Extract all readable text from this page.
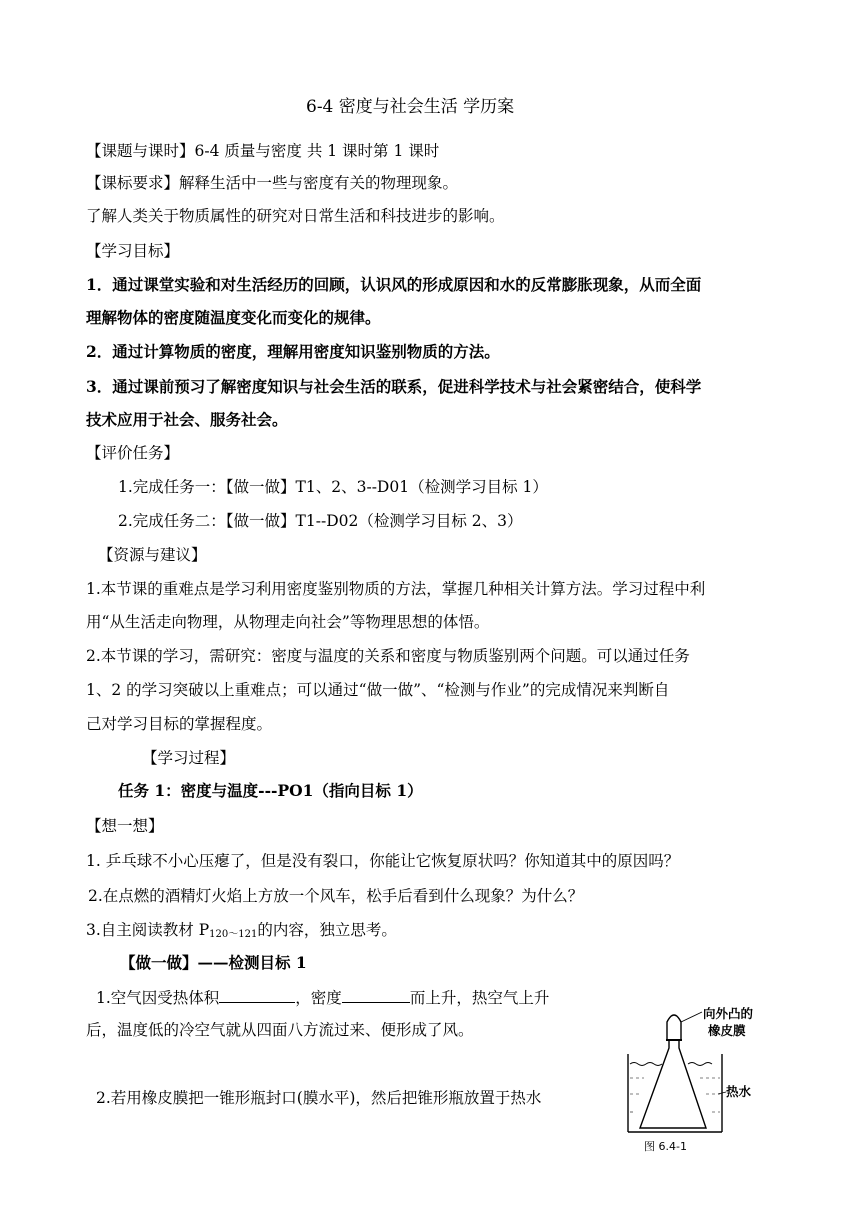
6-4 密度与社会生活 学历案
【课题与课时】6-4 质量与密度 共 1 课时第 1 课时
【课标要求】解释生活中一些与密度有关的物理现象。
了解人类关于物质属性的研究对日常生活和科技进步的影响。
【学习目标】
1．通过课堂实验和对生活经历的回顾，认识风的形成原因和水的反常膨胀现象，从而全面
理解物体的密度随温度变化而变化的规律。
2．通过计算物质的密度，理解用密度知识鉴别物质的方法。
3．通过课前预习了解密度知识与社会生活的联系，促进科学技术与社会紧密结合，使科学
技术应用于社会、服务社会。
【评价任务】
1.完成任务一：【做一做】T1、2、3--D01（检测学习目标 1）
2.完成任务二：【做一做】T1--D02（检测学习目标 2、3）
【资源与建议】
1.本节课的重难点是学习利用密度鉴别物质的方法，掌握几种相关计算方法。学习过程中利
用“从生活走向物理，从物理走向社会”等物理思想的体悟。
2.本节课的学习，需研究：密度与温度的关系和密度与物质鉴别两个问题。可以通过任务
1、2 的学习突破以上重难点；可以通过“做一做”、“检测与作业”的完成情况来判断自
己对学习目标的掌握程度。
【学习过程】
任务 1：密度与温度---PO1（指向目标 1）
【想一想】
1. 乒乓球不小心压瘪了，但是没有裂口，你能让它恢复原状吗？你知道其中的原因吗？
2.在点燃的酒精灯火焰上方放一个风车，松手后看到什么现象？为什么？
3.自主阅读教材 $P_{120\sim 121}$的内容，独立思考。
【做一做】——检测目标 1
1.空气因受热体积	，密度	而上升，热空气上升
后，温度低的冷空气就从四面八方流过来、便形成了风。
2.若用橡皮膜把一锥形瓶封口(膜水平)，然后把锥形瓶放置于热水
向外凸的
橡皮膜
热水
图 6.4-1
